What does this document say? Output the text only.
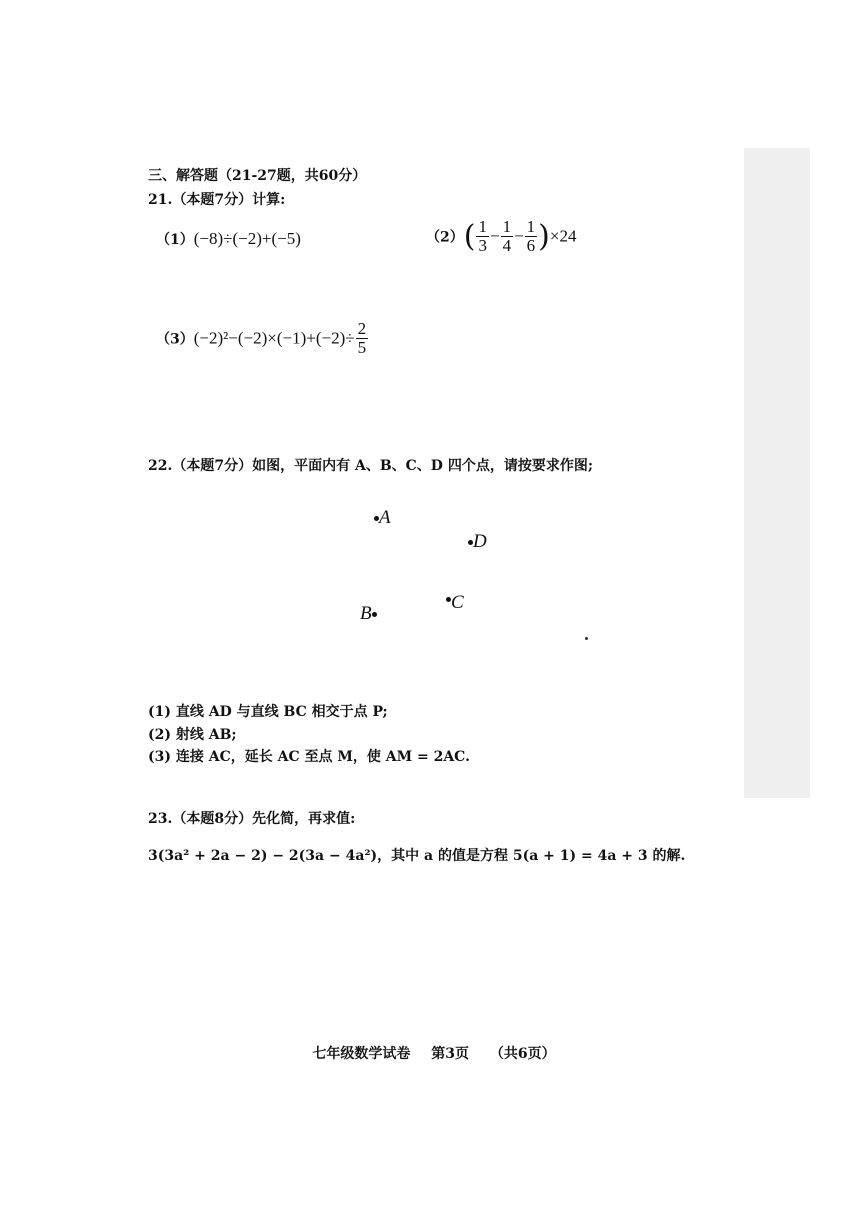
三、解答题（21-27题，共60分）
21.（本题7分）计算:
（1）(−8)÷(−2)+(−5)	$(2)( \frac{1}{3} - \frac{1}{4} - \frac{1}{6} )\times 24$
$(3)(-2)^2-(-2)\times(-1)+(-2)\div \frac{2}{5}$
22.（本题7分）如图，平面内有 A、B、C、D 四个点，请按要求作图;
A
D
C
B
(1) 直线 AD 与直线 BC 相交于点 P;
(2) 射线 AB;
(3) 连接 AC，延长 AC 至点 M，使 AM = 2AC.
23.（本题8分）先化简，再求值:
3(3a² + 2a − 2) − 2(3a − 4a²)，其中 a 的值是方程 5(a + 1) = 4a + 3 的解.
七年级数学试卷 第3页 （共6页）
